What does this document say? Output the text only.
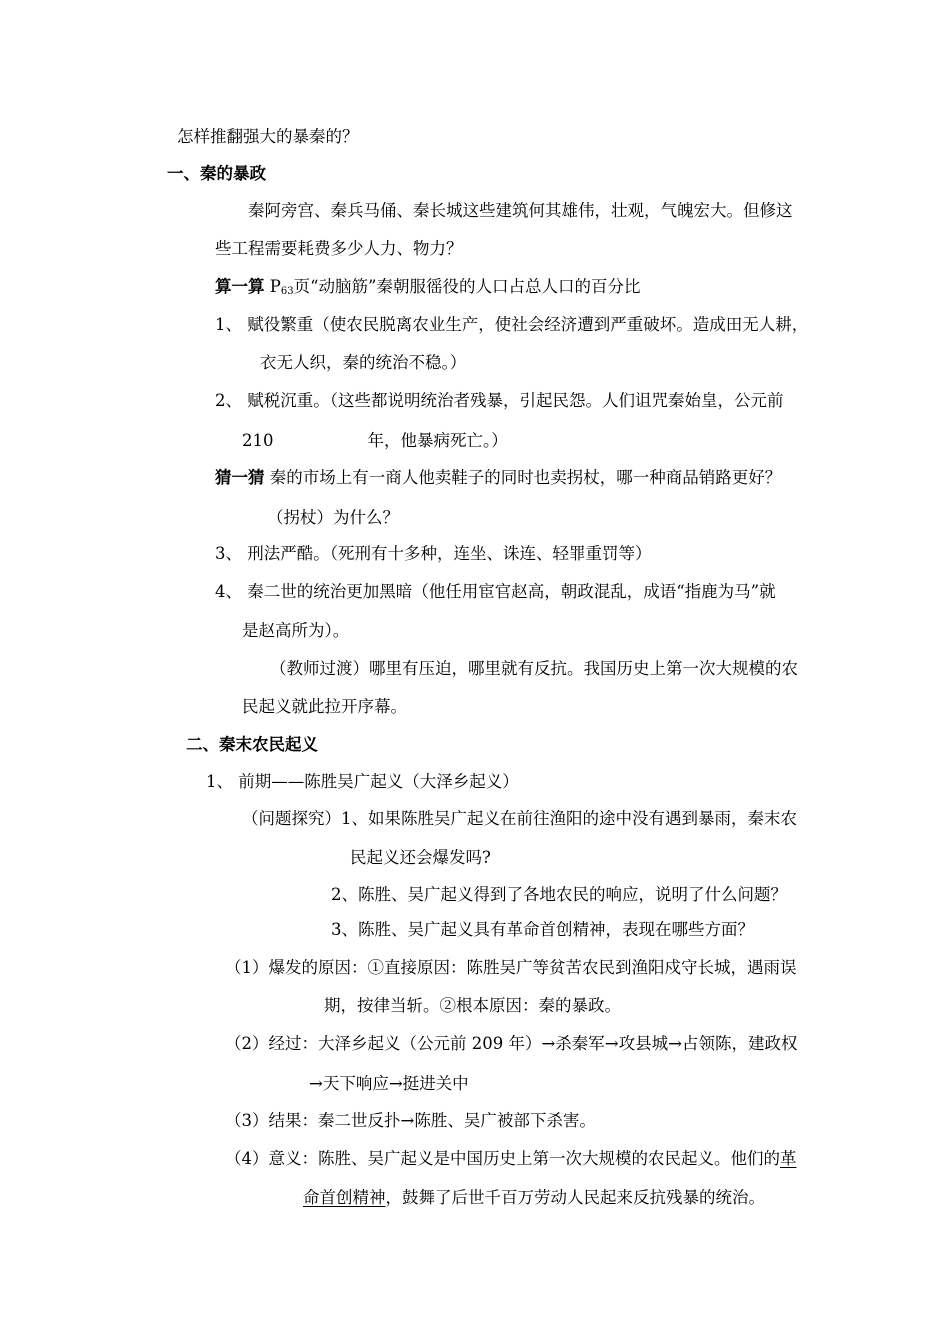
怎样推翻强大的暴秦的？
一、秦的暴政
秦阿旁宫、秦兵马俑、秦长城这些建筑何其雄伟，壮观，气魄宏大。但修这
些工程需要耗费多少人力、物力？
算一算 $P_{63}$页“动脑筋”秦朝服徭役的人口占总人口的百分比
1、 赋役繁重（使农民脱离农业生产，使社会经济遭到严重破坏。造成田无人耕，
衣无人织，秦的统治不稳。）
2、 赋税沉重。（这些都说明统治者残暴，引起民怨。人们诅咒秦始皇，公元前
210	年，他暴病死亡。）
猜一猜 秦的市场上有一商人他卖鞋子的同时也卖拐杖，哪一种商品销路更好？
（拐杖）为什么？
3、 刑法严酷。（死刑有十多种，连坐、诛连、轻罪重罚等）
4、 秦二世的统治更加黑暗（他任用宦官赵高，朝政混乱，成语“指鹿为马”就
是赵高所为）。
（教师过渡）哪里有压迫，哪里就有反抗。我国历史上第一次大规模的农
民起义就此拉开序幕。
二、秦末农民起义
1、 前期——陈胜吴广起义（大泽乡起义）
（问题探究）1、如果陈胜吴广起义在前往渔阳的途中没有遇到暴雨，秦末农
民起义还会爆发吗?
2、陈胜、吴广起义得到了各地农民的响应，说明了什么问题？
3、陈胜、吴广起义具有革命首创精神，表现在哪些方面？
（1）爆发的原因：①直接原因：陈胜吴广等贫苦农民到渔阳戍守长城，遇雨误
期，按律当斩。②根本原因：秦的暴政。
（2）经过：大泽乡起义（公元前 209 年）→杀秦军→攻县城→占领陈，建政权
→天下响应→挺进关中
（3）结果：秦二世反扑→陈胜、吴广被部下杀害。
（4）意义：陈胜、吴广起义是中国历史上第一次大规模的农民起义。他们的革
命首创精神，鼓舞了后世千百万劳动人民起来反抗残暴的统治。
